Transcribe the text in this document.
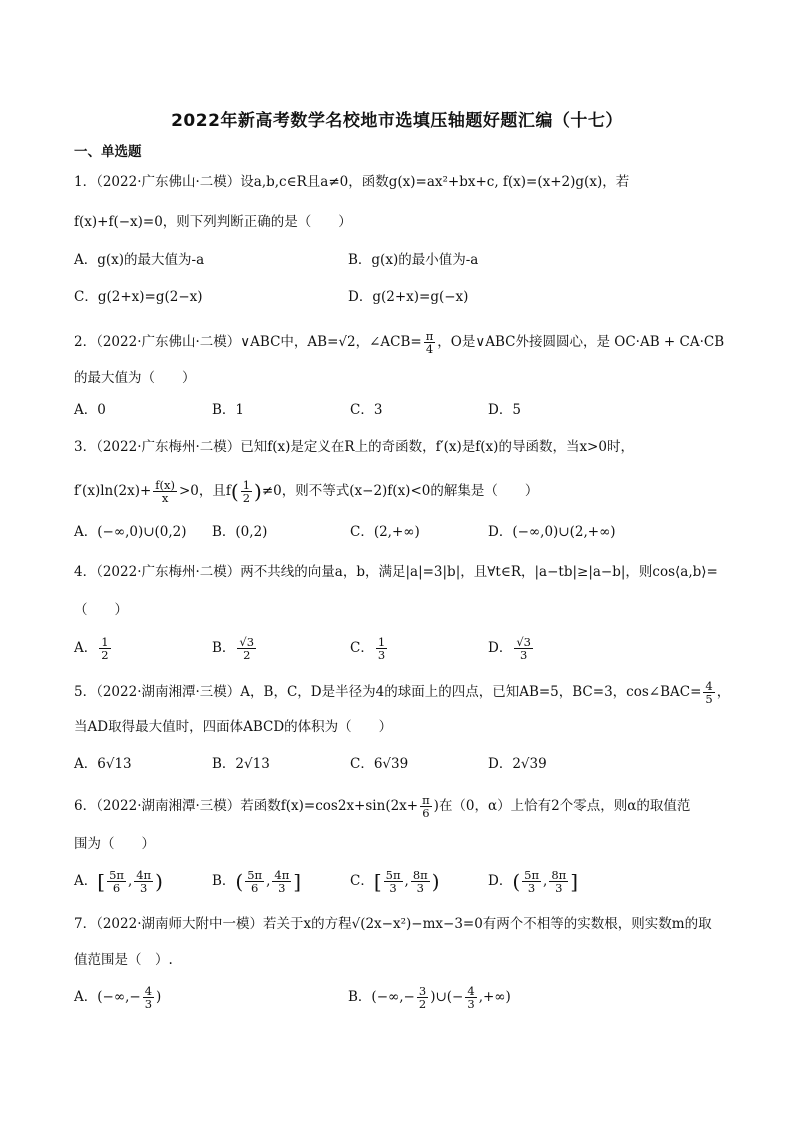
2022年新高考数学名校地市选填压轴题好题汇编（十七）
一、单选题
1．（2022·广东佛山·二模）设a,b,c∈R且a≠0，函数g(x)=ax²+bx+c, f(x)=(x+2)g(x)，若
f(x)+f(−x)=0，则下列判断正确的是（　　）
A．g(x)的最大值为-a	B．g(x)的最小值为-a
C．g(2+x)=g(2−x)	D．g(2+x)=g(−x)
2．（2022·广东佛山·二模）∨ABC中，AB=√2，∠ACB= $\frac{\pi}{4}$ ，O是∨ABC外接圆圆心，是 OC·AB + CA·CB
的最大值为（　　）
A．0	B．1	C．3	D．5
3．（2022·广东梅州·二模）已知f(x)是定义在R上的奇函数，f′(x)是f(x)的导函数，当x>0时，
$f'(x)\ln(2x)+ \frac{f(x)}{x} >0$，且$f( \frac{1}{2} )\ne 0$，则不等式(x−2)f(x)<0的解集是（　　）
A．(−∞,0)∪(0,2) B．(0,2)	C．(2,+∞)	D．(−∞,0)∪(2,+∞)
4．（2022·广东梅州·二模）两不共线的向量a，b，满足|a|=3|b|，且∀t∈R，|a−tb|≥|a−b|，则cos⟨a,b⟩=
（　　）
A． $\frac{1}{2}$	B． $\frac{√3}{2}$	C． $\frac{1}{3}$	D． $\frac{√3}{3}$
5．（2022·湖南湘潭·三模）A，B，C，D是半径为4的球面上的四点，已知AB=5，BC=3，cos∠BAC= $\frac{4}{5}$ ，
当AD取得最大值时，四面体ABCD的体积为（　　）
A．6√13	B．2√13	C．6√39	D．2√39
6．（2022·湖南湘潭·三模）若函数$f(x)=\cos 2x+\sin(2x+ \frac{\pi}{6}$ )在（0，α）上恰有2个零点，则α的取值范
围为（　　）
A．[ $\frac{5\pi}{6}$ , $\frac{4\pi}{3}$ )	B．( $\frac{5\pi}{6}$ , $\frac{4\pi}{3}$ ]	C．[ $\frac{5\pi}{3}$ , $\frac{8\pi}{3}$ )	D．( $\frac{5\pi}{3}$ , $\frac{8\pi}{3}$ ]
7．（2022·湖南师大附中一模）若关于x的方程√(2x−x²)−mx−3=0有两个不相等的实数根，则实数m的取
值范围是（　）.
A．(−∞,− $\frac{4}{3}$ )	B．(−∞,− $\frac{3}{2}$ )∪(− $\frac{4}{3}$ ,+∞)
